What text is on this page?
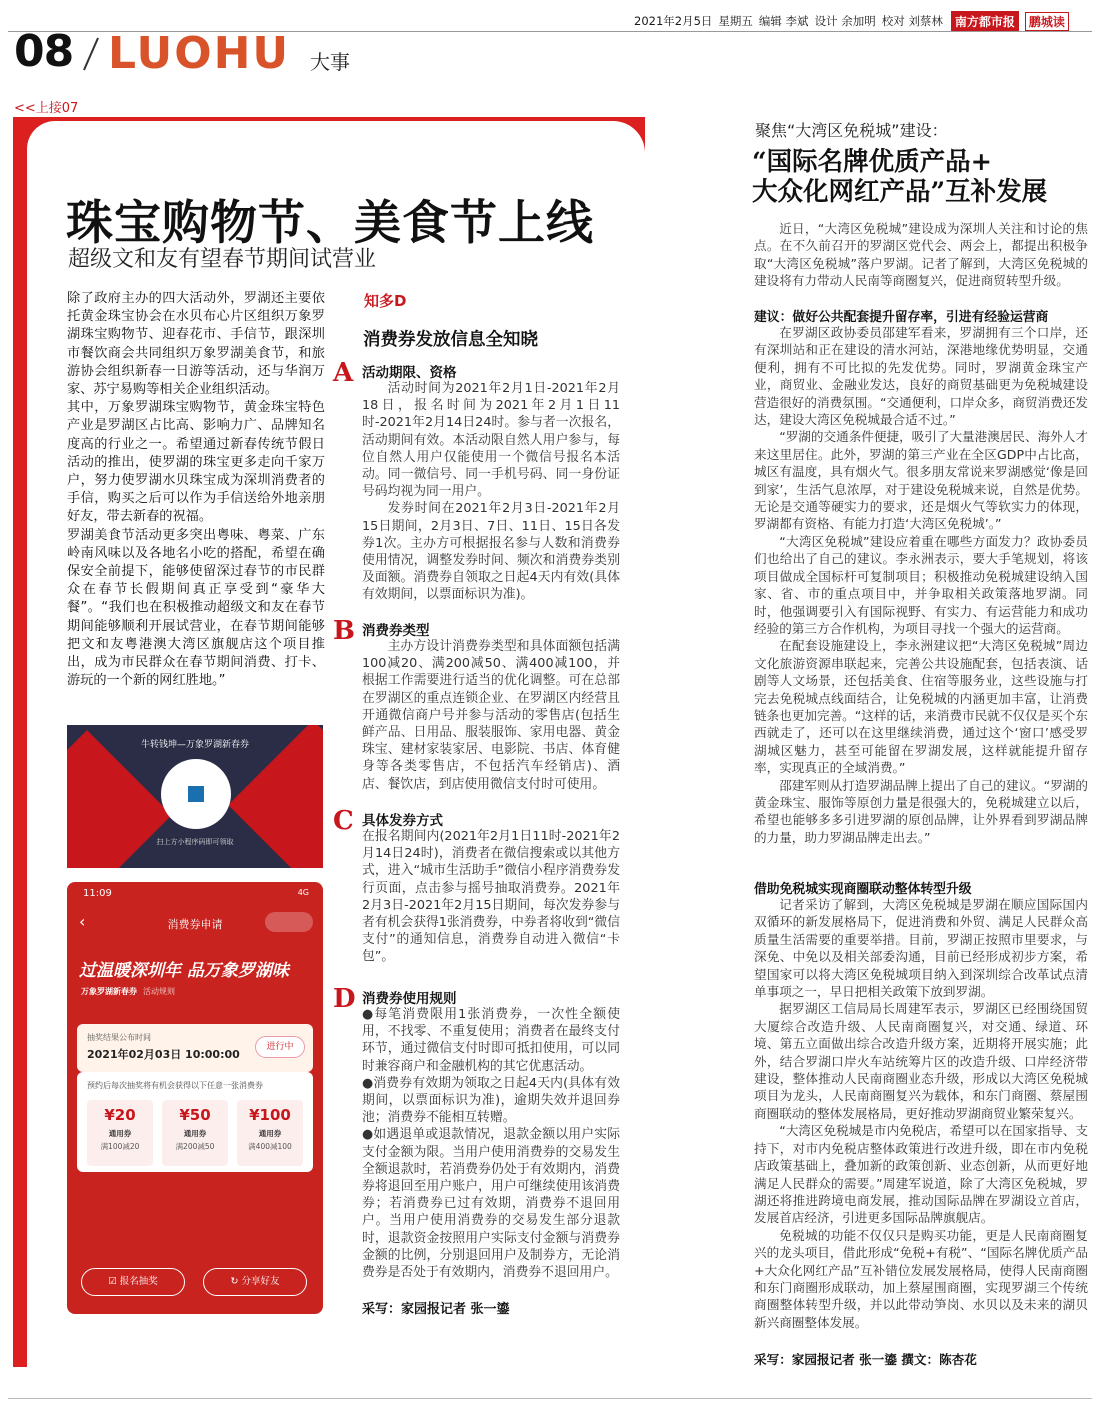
2021年2月5日 星期五 编辑 李斌 设计 余加明 校对 刘蔡林	南方都市报	鹏城读
08 LUOHU 大事
<<上接07
珠宝购物节、美食节上线
超级文和友有望春节期间试营业

除了政府主办的四大活动外，罗湖还主要依托黄金珠宝协会在水贝布心片区组织万象罗湖珠宝购物节、迎春花市、手信节，跟深圳市餐饮商会共同组织万象罗湖美食节，和旅游协会组织新春一日游等活动，还与华润万家、苏宁易购等相关企业组织活动。

其中，万象罗湖珠宝购物节，黄金珠宝特色产业是罗湖区占比高、影响力广、品牌知名度高的行业之一。希望通过新春传统节假日活动的推出，使罗湖的珠宝更多走向千家万户，努力使罗湖水贝珠宝成为深圳消费者的手信，购买之后可以作为手信送给外地亲朋好友，带去新春的祝福。

罗湖美食节活动更多突出粤味、粤菜、广东岭南风味以及各地名小吃的搭配，希望在确保安全前提下，能够使留深过春节的市民群众在春节长假期间真正享受到“豪华大餐”。“我们也在积极推动超级文和友在春节期间能够顺利开展试营业，在春节期间能够把文和友粤港澳大湾区旗舰店这个项目推出，成为市民群众在春节期间消费、打卡、游玩的一个新的网红胜地。”

牛转钱坤—万象罗湖新春券
扫上方小程序码即可领取
11:09	4G
‹	消费券申请
过温暖深圳年 品万象罗湖味
万象罗湖新春券 活动规则
抽奖结果公布时间
2021年02月03日 10:00:00
进行中
预约后每次抽奖将有机会获得以下任意一张消费券
¥20
通用券
满100减20
¥50
通用券
满200减50
¥100
通用券
满400减100
☑ 报名抽奖	↻ 分享好友
知多D
消费券发放信息全知晓
A 活动期限、资格

活动时间为2021年2月1日-2021年2月18日，报名时间为2021年2月1日11时-2021年2月14日24时。参与者一次报名，活动期间有效。本活动限自然人用户参与，每位自然人用户仅能使用一个微信号报名本活动。同一微信号、同一手机号码、同一身份证号码均视为同一用户。

发券时间在2021年2月3日-2021年2月15日期间，2月3日、7日、11日、15日各发券1次。主办方可根据报名参与人数和消费券使用情况，调整发券时间、频次和消费券类别及面额。消费券自领取之日起4天内有效(具体有效期间，以票面标识为准)。

B 消费券类型

主办方设计消费券类型和具体面额包括满100减20、满200减50、满400减100，并根据工作需要进行适当的优化调整。可在总部在罗湖区的重点连锁企业、在罗湖区内经营且开通微信商户号并参与活动的零售店(包括生鲜产品、日用品、服装服饰、家用电器、黄金珠宝、建材家装家居、电影院、书店、体育健身等各类零售店，不包括汽车经销店)、酒店、餐饮店，到店使用微信支付时可使用。

C 具体发券方式

在报名期间内(2021年2月1日11时-2021年2月14日24时)，消费者在微信搜索或以其他方式，进入“城市生活助手”微信小程序消费券发行页面，点击参与摇号抽取消费券。2021年2月3日-2021年2月15日期间，每次发券参与者有机会获得1张消费券，中券者将收到“微信支付”的通知信息，消费券自动进入微信“卡包”。

D 消费券使用规则

●每笔消费限用1张消费券，一次性全额使用，不找零、不重复使用；消费者在最终支付环节，通过微信支付时即可抵扣使用，可以同时兼容商户和金融机构的其它优惠活动。

●消费券有效期为领取之日起4天内(具体有效期间，以票面标识为准)，逾期失效并退回券池；消费券不能相互转赠。

●如遇退单或退款情况，退款金额以用户实际支付金额为限。当用户使用消费券的交易发生全额退款时，若消费券仍处于有效期内，消费券将退回至用户账户，用户可继续使用该消费券；若消费券已过有效期，消费券不退回用户。当用户使用消费券的交易发生部分退款时，退款资金按照用户实际支付金额与消费券金额的比例，分别退回用户及制券方，无论消费券是否处于有效期内，消费券不退回用户。

采写：家园报记者 张一鎏
聚焦“大湾区免税城”建设：
“国际名牌优质产品+
大众化网红产品”互补发展

近日，“大湾区免税城”建设成为深圳人关注和讨论的焦点。在不久前召开的罗湖区党代会、两会上，都提出积极争取“大湾区免税城”落户罗湖。记者了解到，大湾区免税城的建设将有力带动人民南等商圈复兴，促进商贸转型升级。

建议：做好公共配套提升留存率，引进有经验运营商

在罗湖区政协委员邵建军看来，罗湖拥有三个口岸，还有深圳站和正在建设的清水河站，深港地缘优势明显，交通便利，拥有不可比拟的先发优势。同时，罗湖黄金珠宝产业，商贸业、金融业发达，良好的商贸基础更为免税城建设营造很好的消费氛围。“交通便利，口岸众多，商贸消费还发达，建设大湾区免税城最合适不过。”

“罗湖的交通条件便捷，吸引了大量港澳居民、海外人才来这里居住。此外，罗湖的第三产业在全区GDP中占比高，城区有温度，具有烟火气。很多朋友常说来罗湖感觉‘像是回到家’，生活气息浓厚，对于建设免税城来说，自然是优势。无论是交通等硬实力的要求，还是烟火气等软实力的体现，罗湖都有资格、有能力打造‘大湾区免税城’。”

“大湾区免税城”建设应着重在哪些方面发力？政协委员们也给出了自己的建议。李永洲表示，要大手笔规划，将该项目做成全国标杆可复制项目；积极推动免税城建设纳入国家、省、市的重点项目中，并争取相关政策落地罗湖。同时，他强调要引入有国际视野、有实力、有运营能力和成功经验的第三方合作机构，为项目寻找一个强大的运营商。

在配套设施建设上，李永洲建议把“大湾区免税城”周边文化旅游资源串联起来，完善公共设施配套，包括表演、话剧等人文场景，还包括美食、住宿等服务业，这些设施与打完去免税城点线面结合，让免税城的内涵更加丰富，让消费链条也更加完善。“这样的话，来消费市民就不仅仅是买个东西就走了，还可以在这里继续消费，通过这个‘窗口’感受罗湖城区魅力，甚至可能留在罗湖发展，这样就能提升留存率，实现真正的全域消费。”

邵建军则从打造罗湖品牌上提出了自己的建议。“罗湖的黄金珠宝、服饰等原创力量是很强大的，免税城建立以后，希望也能够多多引进罗湖的原创品牌，让外界看到罗湖品牌的力量，助力罗湖品牌走出去。”

借助免税城实现商圈联动整体转型升级

记者采访了解到，大湾区免税城是罗湖在顺应国际国内双循环的新发展格局下，促进消费和外贸、满足人民群众高质量生活需要的重要举措。目前，罗湖正按照市里要求，与深免、中免以及相关部委沟通，目前已经形成初步方案，希望国家可以将大湾区免税城项目纳入到深圳综合改革试点清单事项之一，早日把相关政策下放到罗湖。

据罗湖区工信局局长周建军表示，罗湖区已经围绕国贸大厦综合改造升级、人民南商圈复兴，对交通、绿道、环境、第五立面做出综合改造升级方案，近期将开展实施；此外，结合罗湖口岸火车站统筹片区的改造升级、口岸经济带建设，整体推动人民南商圈业态升级，形成以大湾区免税城项目为龙头，人民南商圈复兴为载体，和东门商圈、蔡屋围商圈联动的整体发展格局，更好推动罗湖商贸业繁荣复兴。

“大湾区免税城是市内免税店，希望可以在国家指导、支持下，对市内免税店整体政策进行改进升级，即在市内免税店政策基础上，叠加新的政策创新、业态创新，从而更好地满足人民群众的需要。”周建军说道，除了大湾区免税城，罗湖还将推进跨境电商发展，推动国际品牌在罗湖设立首店，发展首店经济，引进更多国际品牌旗舰店。

免税城的功能不仅仅只是购买功能，更是人民南商圈复兴的龙头项目，借此形成“免税+有税”、“国际名牌优质产品+大众化网红产品”互补错位发展发展格局，使得人民南商圈和东门商圈形成联动，加上蔡屋围商圈，实现罗湖三个传统商圈整体转型升级，并以此带动笋岗、水贝以及未来的湖贝新兴商圈整体发展。

采写：家园报记者 张一鎏 撰文：陈杏花
